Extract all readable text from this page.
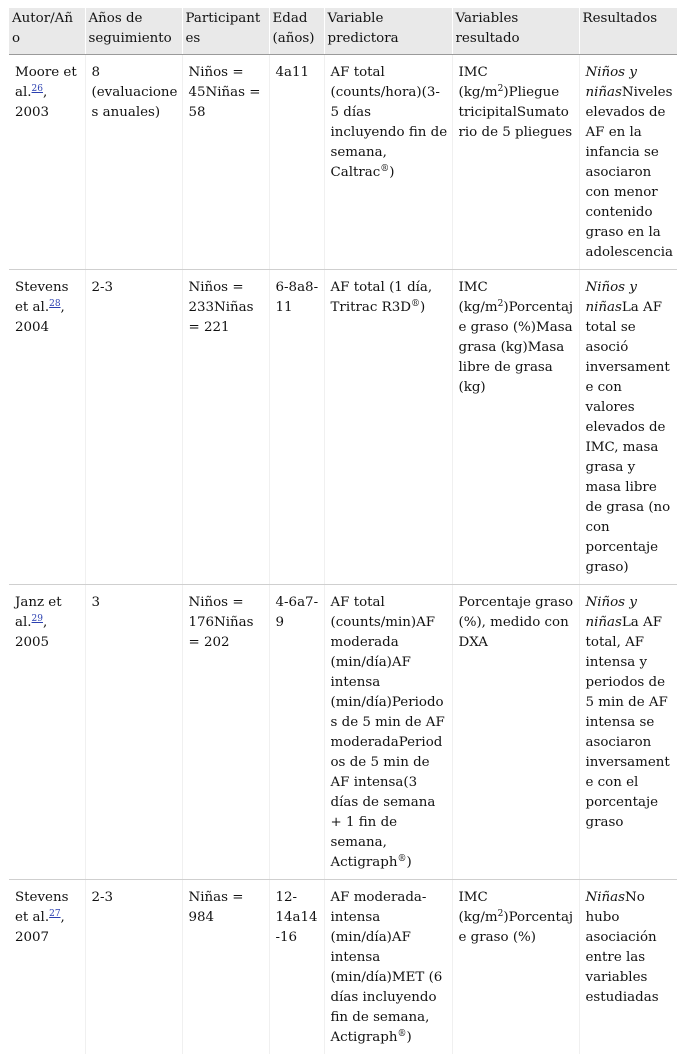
Autor/Año	Años de seguimiento	Participantes	Edad (años)	Variable predictora	Variables resultado	Resultados
Moore et al.$^{26}$, 2003	8 (evaluaciones anuales)	Niños = 45Niñas = 58	4a11	AF total (counts/hora)(3-5 días incluyendo fin de semana, Caltrac®)	IMC $(kg/m^2)Pliegue$ tricipitalSumatorio de 5 pliegues	Niños y niñasNiveles elevados de AF en la infancia se asociaron con menor contenido graso en la adolescencia
Stevens et al.$^{28}$, 2004	2-3	Niños = 233Niñas = 221	6-8a8-11	AF total (1 día, Tritrac R3D®)	IMC $(kg/m^2)Porcentaje$ graso (%)Masa grasa (kg)Masa libre de grasa (kg)	Niños y niñasLa AF total se asoció inversamente con valores elevados de IMC, masa grasa y masa libre de grasa (no con porcentaje graso)
Janz et al.$^{29}$, 2005	3	Niños = 176Niñas = 202	4-6a7-9	AF total (counts/min)AF moderada (min/día)AF intensa (min/día)Periodos de 5 min de AF moderadaPeriodos de 5 min de AF intensa(3 días de semana + 1 fin de semana, Actigraph®)	Porcentaje graso (%), medido con DXA	Niños y niñasLa AF total, AF intensa y periodos de 5 min de AF intensa se asociaron inversamente con el porcentaje graso
Stevens et al.$^{27}$, 2007	2-3	Niñas = 984	12-14a14-16	AF moderada-intensa (min/día)AF intensa (min/día)MET (6 días incluyendo fin de semana, Actigraph®)	IMC $(kg/m^2)Porcentaje$ graso (%)	NiñasNo hubo asociación entre las variables estudiadas
